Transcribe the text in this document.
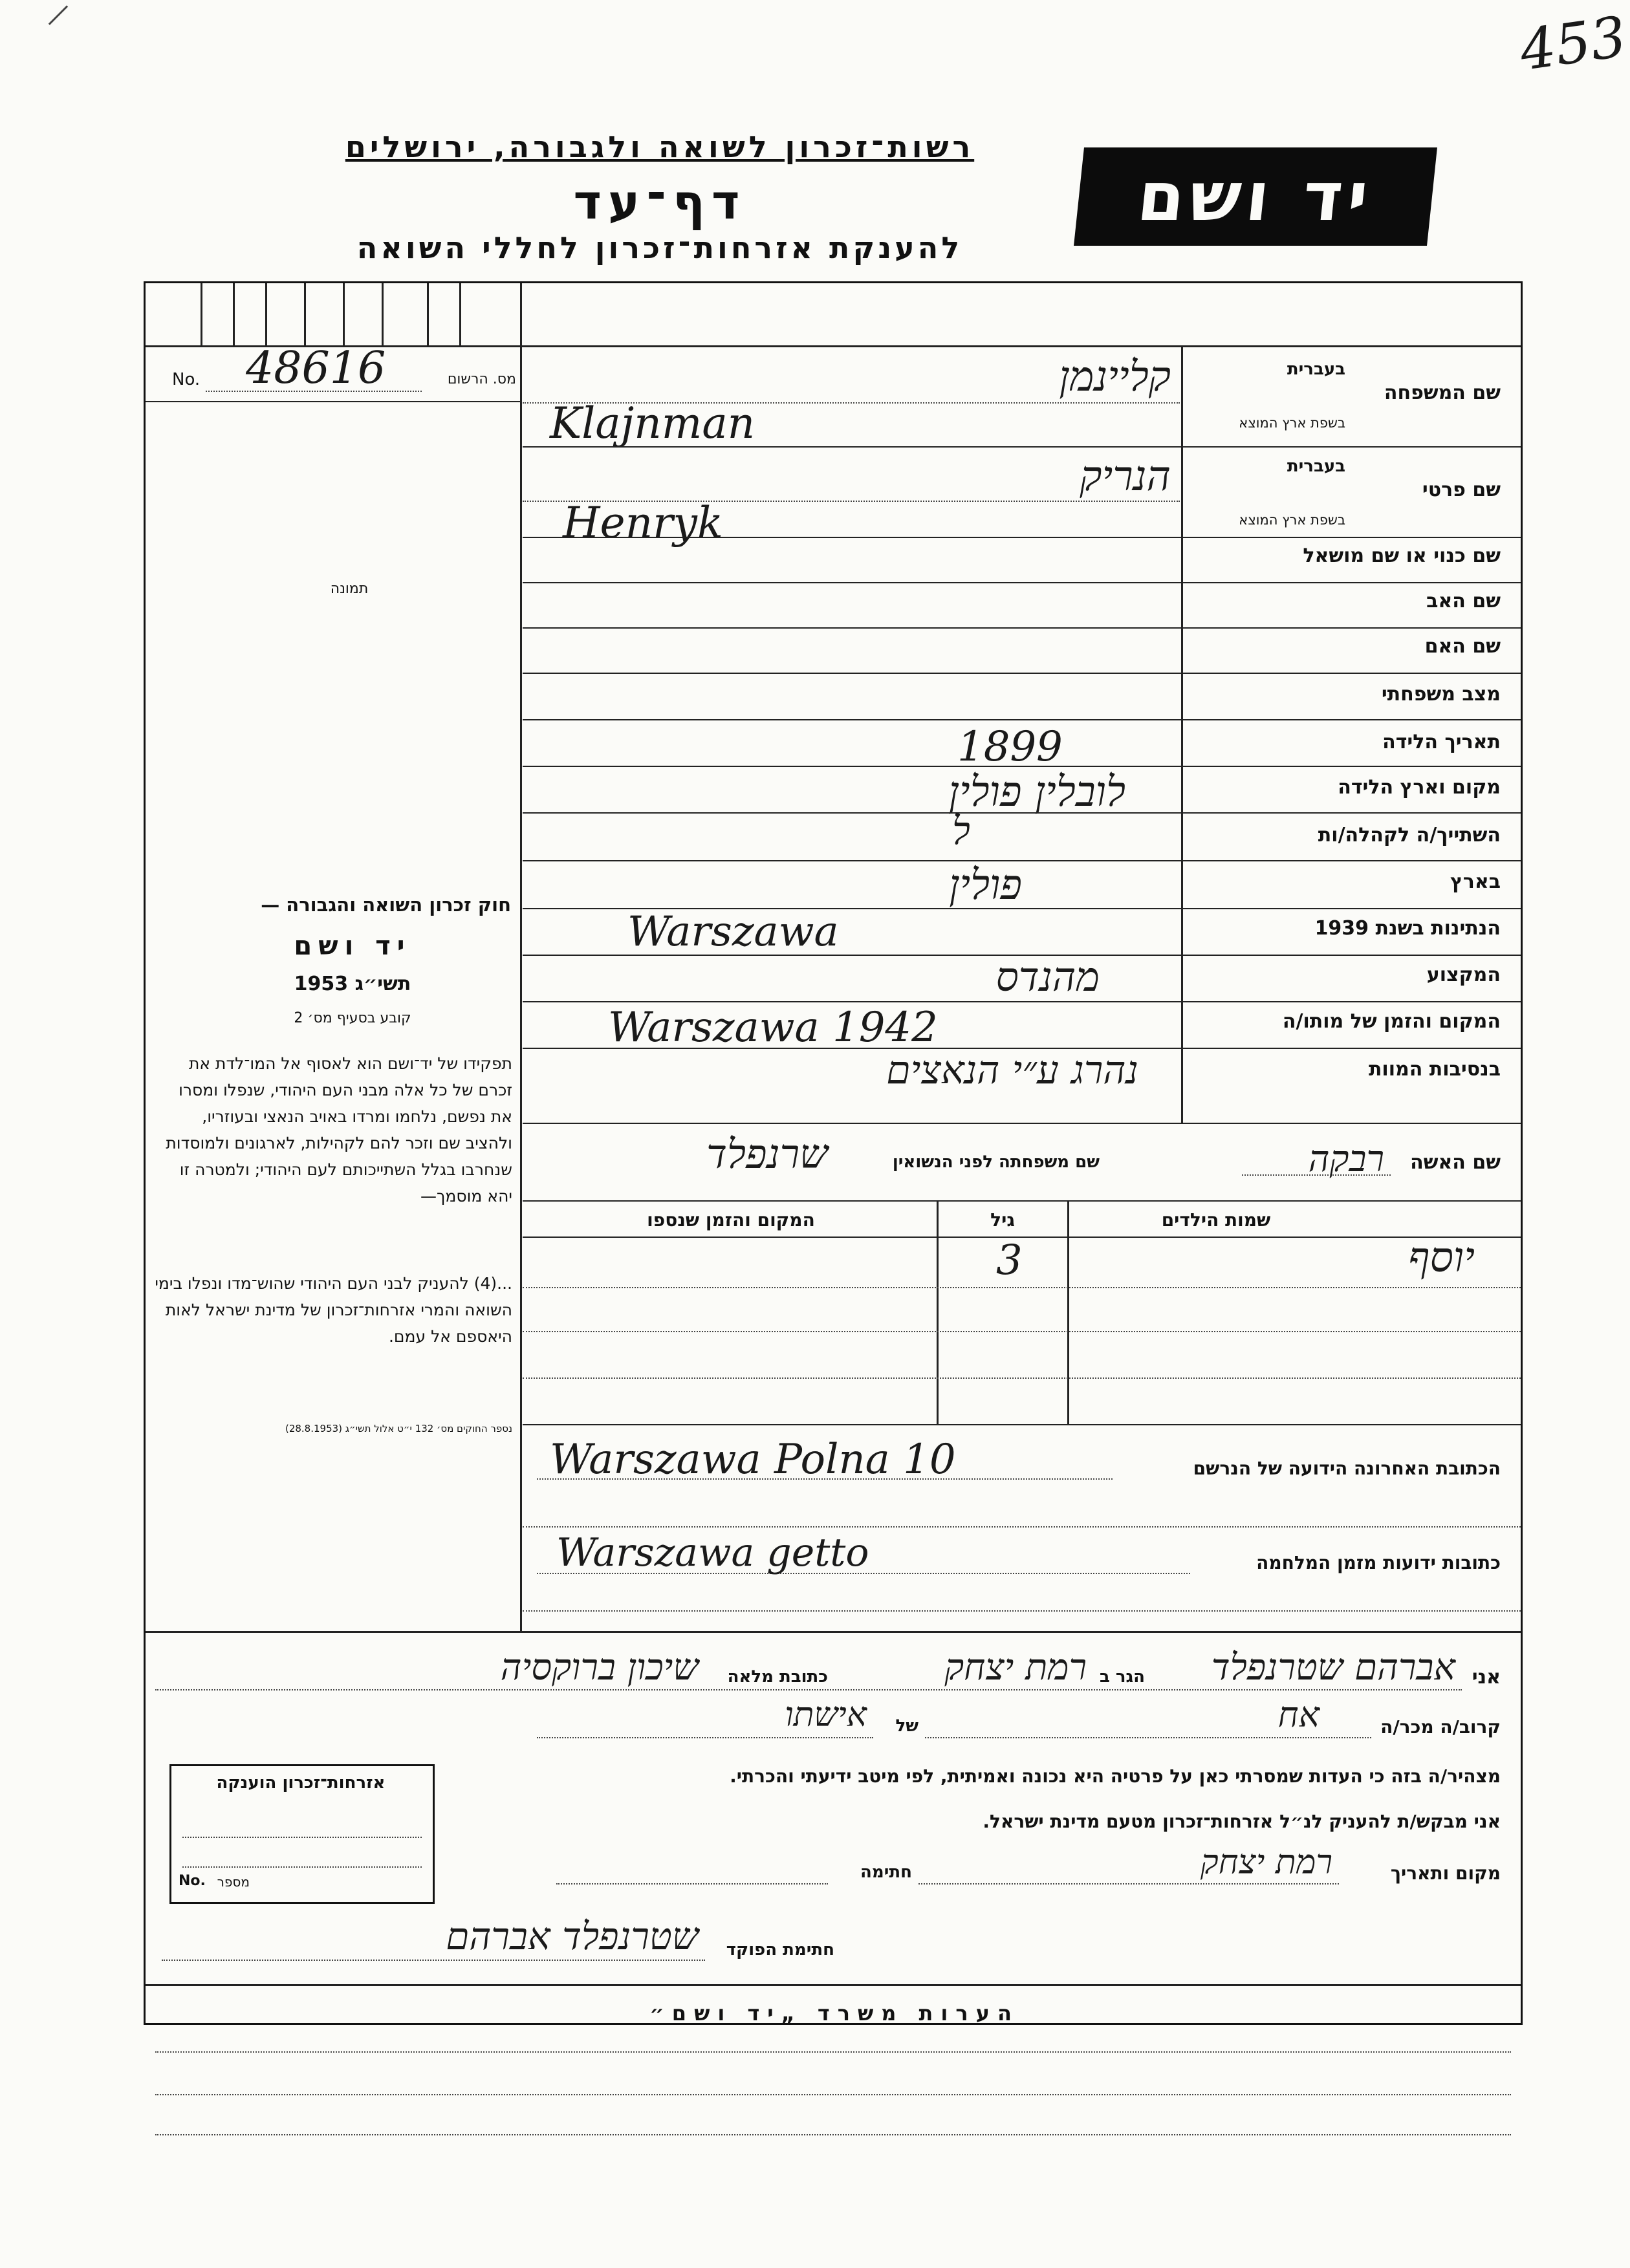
453
רשות־זכרון לשואה ולגבורה, ירושלים
דף־עד
להענקת אזרחות־זכרון לחללי השואה
יד ושם
מס. הרשום
No. 48616
תמונה
חוק זכרון השואה והגבורה —
יד ושם
תשי״ג 1953
קובע בסעיף מס׳ 2
תפקידו של יד־ושם הוא לאסוף אל המו־לדת את זכרם של כל אלה מבני העם היהודי, שנפלו ומסרו את נפשם, נלחמו ומרדו באויב הנאצי ובעוזריו, ולהציב שם וזכר להם לקהילות, לארגונים ולמוסדות שנחרבו בגלל השתייכותם לעם היהודי; ולמטרה זו יהא מוסמך—
...(4) להעניק לבני העם היהודי שהוש־מדו ונפלו בימי השואה והמרי אזרחות־זכרון של מדינת ישראל לאות היאספם אל עמם.
נספר החוקים מס׳ 132 י״ט אלול תשי״ג (28.8.1953)
שם המשפחה
בעברית
בשפת ארץ המוצא
קליינמן
Klajnman
שם פרטי
בעברית
בשפת ארץ המוצא
הנריק
Henryk
שם כנוי או שם מושאל
שם האב
שם האם
מצב משפחתי
תאריך הלידה
1899
מקום וארץ הלידה
לובלין פולין
השתייך/ה לקהלה/ות
ל
בארץ
פולין
הנתינות בשנת 1939
Warszawa
המקצוע
מהנדס
המקום והזמן של מותו/ה
Warszawa 1942
בנסיבות המוות
נהרג ע״י הנאצים
שם האשה
רבקה
שם משפחתה לפני הנשואין
שרנפלד
שמות הילדים
גיל
המקום והזמן שנספו
יוסף
3
הכתובת האחרונה הידועה של הנרשם
Warszawa Polna 10
כתובות ידועות מזמן המלחמה
Warszawa getto
אני
אברהם שטרנפלד
הגר ב
רמת יצחק
כתובת מלאה
שיכון ברוקסיה
קרוב/ה מכר/ה
אח
של
אישתו
מצהיר/ה בזה כי העדות שמסרתי כאן על פרטיה היא נכונה ואמיתית, לפי מיטב ידיעתי והכרתי.
אני מבקש/ת להעניק לנ״ל אזרחות־זכרון מטעם מדינת ישראל.
מקום ותאריך
רמת יצחק
חתימה
אזרחות־זכרון הוענקה
No. מספר
חתימת הפוקד
שטרנפלד אברהם
הערות משרד „יד ושם״
